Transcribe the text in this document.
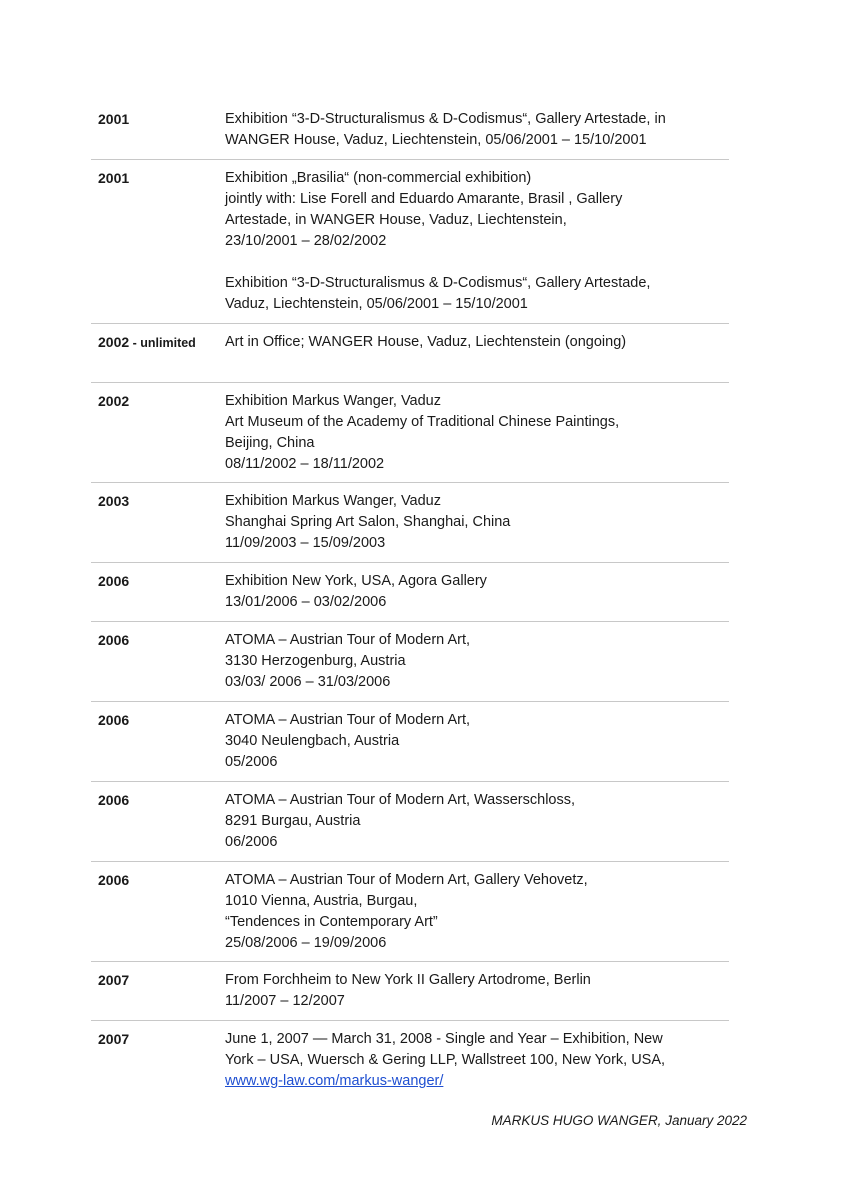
2001	Exhibition “3-D-Structuralismus & D-Codismus“, Gallery Artestade, in
WANGER House, Vaduz, Liechtenstein, 05/06/2001 – 15/10/2001
2001	Exhibition „Brasilia“ (non-commercial exhibition)
jointly with: Lise Forell and Eduardo Amarante, Brasil , Gallery
Artestade, in WANGER House, Vaduz, Liechtenstein,
23/10/2001 – 28/02/2002
Exhibition “3-D-Structuralismus & D-Codismus“, Gallery Artestade,
Vaduz, Liechtenstein, 05/06/2001 – 15/10/2001
2002 - unlimited	Art in Office; WANGER House, Vaduz, Liechtenstein (ongoing)
2002	Exhibition Markus Wanger, Vaduz
Art Museum of the Academy of Traditional Chinese Paintings,
Beijing, China
08/11/2002 – 18/11/2002
2003	Exhibition Markus Wanger, Vaduz
Shanghai Spring Art Salon, Shanghai, China
11/09/2003 – 15/09/2003
2006	Exhibition New York, USA, Agora Gallery
13/01/2006 – 03/02/2006
2006	ATOMA – Austrian Tour of Modern Art,
3130 Herzogenburg, Austria
03/03/ 2006 – 31/03/2006
2006	ATOMA – Austrian Tour of Modern Art,
3040 Neulengbach, Austria
05/2006
2006	ATOMA – Austrian Tour of Modern Art, Wasserschloss,
8291 Burgau, Austria
06/2006
2006	ATOMA – Austrian Tour of Modern Art, Gallery Vehovetz,
1010 Vienna, Austria, Burgau,
“Tendences in Contemporary Art”
25/08/2006 – 19/09/2006
2007	From Forchheim to New York II Gallery Artodrome, Berlin
11/2007 – 12/2007
2007	June 1, 2007 — March 31, 2008 - Single and Year – Exhibition, New
York – USA, Wuersch & Gering LLP, Wallstreet 100, New York, USA,
www.wg-law.com/markus-wanger/
MARKUS HUGO WANGER, January 2022
